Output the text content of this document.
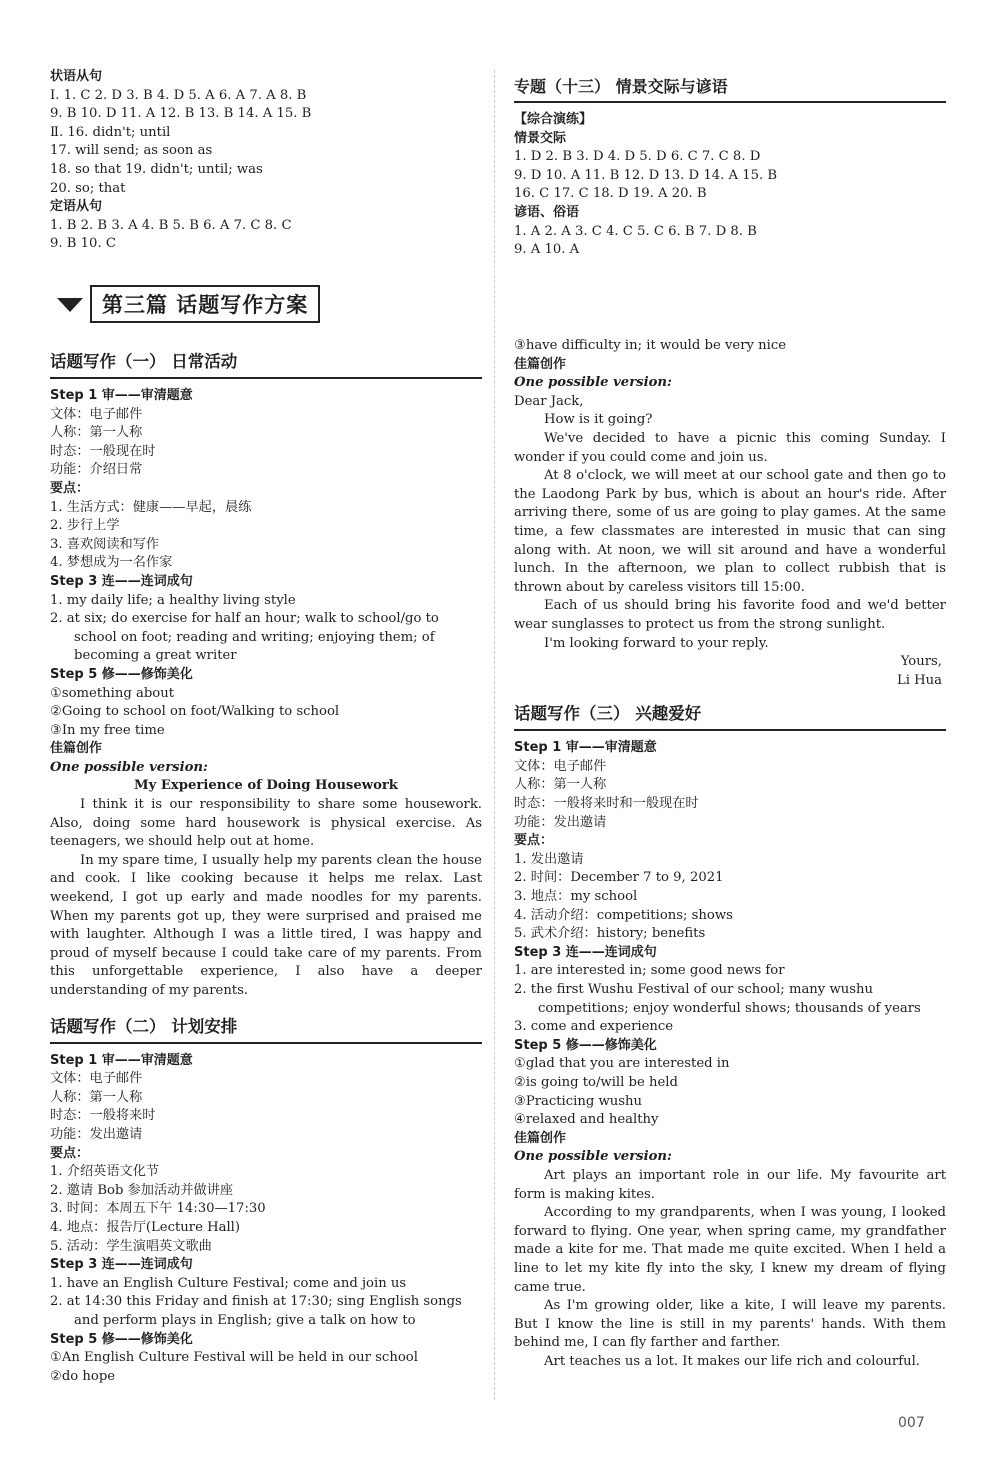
状语从句
Ⅰ. 1. C 2. D 3. B 4. D 5. A 6. A 7. A 8. B
9. B 10. D 11. A 12. B 13. B 14. A 15. B
Ⅱ. 16. didn't; until
17. will send; as soon as
18. so that 19. didn't; until; was
20. so; that
定语从句
1. B 2. B 3. A 4. B 5. B 6. A 7. C 8. C
9. B 10. C
专题（十三） 情景交际与谚语
【综合演练】
情景交际
1. D 2. B 3. D 4. D 5. D 6. C 7. C 8. D
9. D 10. A 11. B 12. D 13. D 14. A 15. B
16. C 17. C 18. D 19. A 20. B
谚语、俗语
1. A 2. A 3. C 4. C 5. C 6. B 7. D 8. B
9. A 10. A
第三篇 话题写作方案
话题写作（一） 日常活动
Step 1 审——审清题意
文体：电子邮件
人称：第一人称
时态：一般现在时
功能：介绍日常
要点：
1. 生活方式：健康——早起，晨练
2. 步行上学
3. 喜欢阅读和写作
4. 梦想成为一名作家
Step 3 连——连词成句
1. my daily life; a healthy living style
2. at six; do exercise for half an hour; walk to school/go to
school on foot; reading and writing; enjoying them; of
becoming a great writer
Step 5 修——修饰美化
①something about
②Going to school on foot/Walking to school
③In my free time
佳篇创作
One possible version:
My Experience of Doing Housework
I think it is our responsibility to share some housework. Also, doing some hard housework is physical exercise. As teenagers, we should help out at home.
In my spare time, I usually help my parents clean the house and cook. I like cooking because it helps me relax. Last weekend, I got up early and made noodles for my parents. When my parents got up, they were surprised and praised me with laughter. Although I was a little tired, I was happy and proud of myself because I could take care of my parents. From this unforgettable experience, I also have a deeper understanding of my parents.
话题写作（二） 计划安排
Step 1 审——审清题意
文体：电子邮件
人称：第一人称
时态：一般将来时
功能：发出邀请
要点：
1. 介绍英语文化节
2. 邀请 Bob 参加活动并做讲座
3. 时间：本周五下午 14:30—17:30
4. 地点：报告厅(Lecture Hall)
5. 活动：学生演唱英文歌曲
Step 3 连——连词成句
1. have an English Culture Festival; come and join us
2. at 14:30 this Friday and finish at 17:30; sing English songs
and perform plays in English; give a talk on how to
Step 5 修——修饰美化
①An English Culture Festival will be held in our school
②do hope
③have difficulty in; it would be very nice
佳篇创作
One possible version:
Dear Jack,
How is it going?
We've decided to have a picnic this coming Sunday. I wonder if you could come and join us.
At 8 o'clock, we will meet at our school gate and then go to the Laodong Park by bus, which is about an hour's ride. After arriving there, some of us are going to play games. At the same time, a few classmates are interested in music that can sing along with. At noon, we will sit around and have a wonderful lunch. In the afternoon, we plan to collect rubbish that is thrown about by careless visitors till 15:00.
Each of us should bring his favorite food and we'd better wear sunglasses to protect us from the strong sunlight.
I'm looking forward to your reply.
Yours,
Li Hua
话题写作（三） 兴趣爱好
Step 1 审——审清题意
文体：电子邮件
人称：第一人称
时态：一般将来时和一般现在时
功能：发出邀请
要点：
1. 发出邀请
2. 时间：December 7 to 9, 2021
3. 地点：my school
4. 活动介绍：competitions; shows
5. 武术介绍：history; benefits
Step 3 连——连词成句
1. are interested in; some good news for
2. the first Wushu Festival of our school; many wushu
competitions; enjoy wonderful shows; thousands of years
3. come and experience
Step 5 修——修饰美化
①glad that you are interested in
②is going to/will be held
③Practicing wushu
④relaxed and healthy
佳篇创作
One possible version:
Art plays an important role in our life. My favourite art form is making kites.
According to my grandparents, when I was young, I looked forward to flying. One year, when spring came, my grandfather made a kite for me. That made me quite excited. When I held a line to let my kite fly into the sky, I knew my dream of flying came true.
As I'm growing older, like a kite, I will leave my parents. But I know the line is still in my parents' hands. With them behind me, I can fly farther and farther.
Art teaches us a lot. It makes our life rich and colourful.
007
